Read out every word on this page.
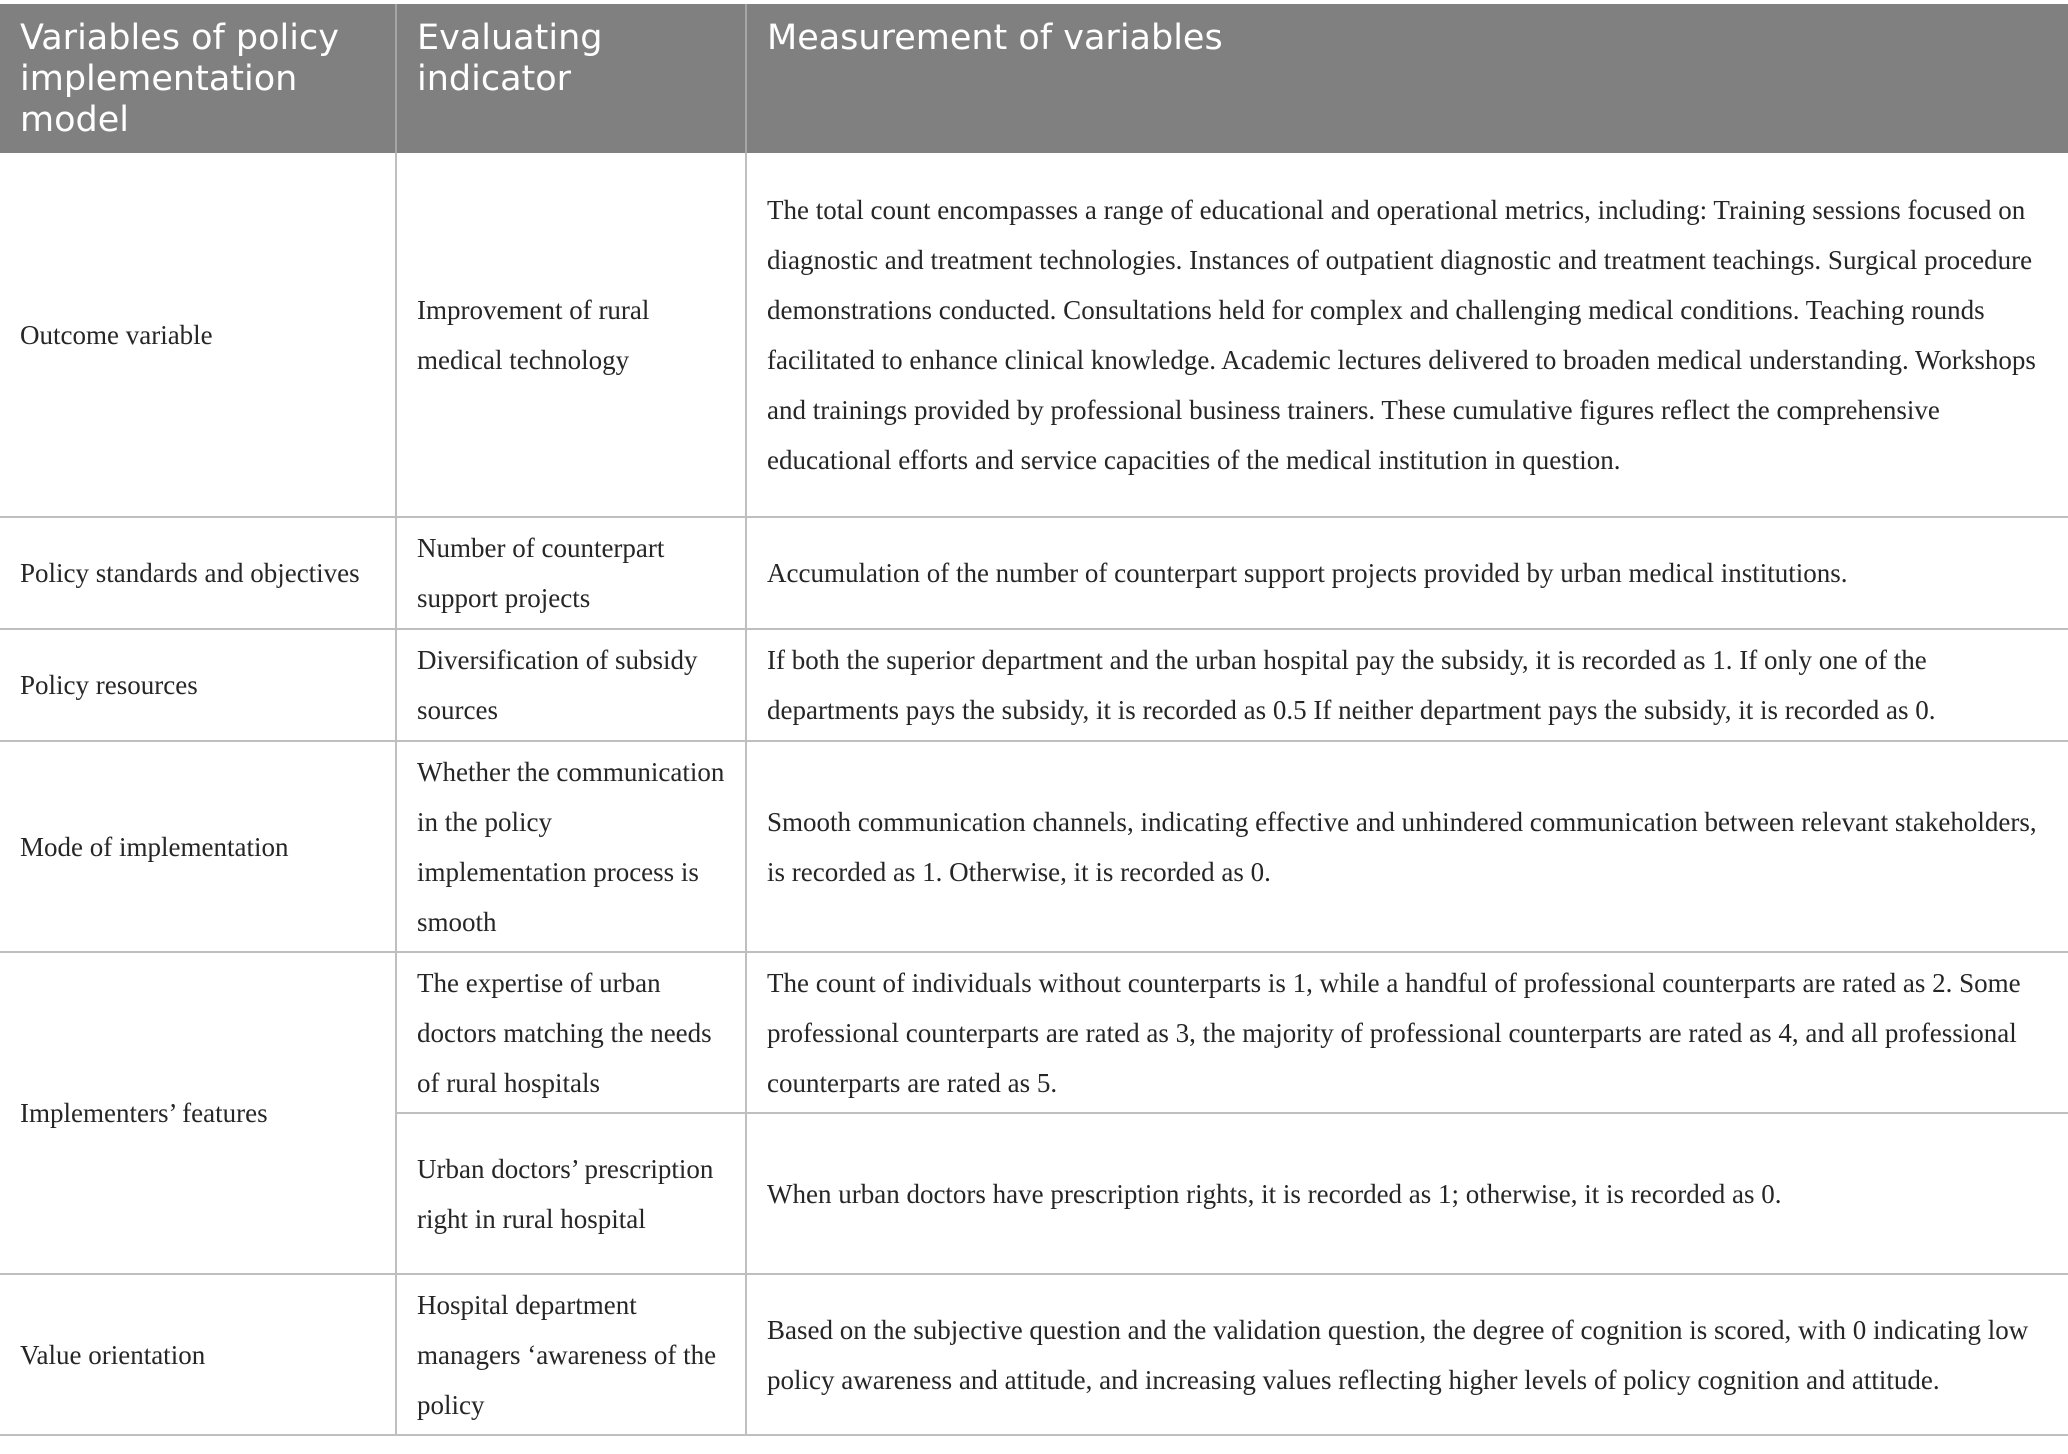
Variables of policy implementation model	Evaluating indicator	Measurement of variables
Outcome variable	Improvement of rural medical technology	The total count encompasses a range of educational and operational metrics, including: Training sessions focused on diagnostic and treatment technologies. Instances of outpatient diagnostic and treatment teachings. Surgical procedure demonstrations conducted. Consultations held for complex and challenging medical conditions. Teaching rounds facilitated to enhance clinical knowledge. Academic lectures delivered to broaden medical understanding. Workshops and trainings provided by professional business trainers. These cumulative figures reflect the comprehensive educational efforts and service capacities of the medical institution in question.
Policy standards and objectives	Number of counterpart support projects	Accumulation of the number of counterpart support projects provided by urban medical institutions.
Policy resources	Diversification of subsidy sources	If both the superior department and the urban hospital pay the subsidy, it is recorded as 1. If only one of the departments pays the subsidy, it is recorded as 0.5 If neither department pays the subsidy, it is recorded as 0.
Mode of implementation	Whether the communication in the policy implementation process is smooth	Smooth communication channels, indicating effective and unhindered communication between relevant stakeholders, is recorded as 1. Otherwise, it is recorded as 0.
Implementers’ features	The expertise of urban doctors matching the needs of rural hospitals	The count of individuals without counterparts is 1, while a handful of professional counterparts are rated as 2. Some professional counterparts are rated as 3, the majority of professional counterparts are rated as 4, and all professional counterparts are rated as 5.
	Urban doctors’ prescription right in rural hospital	When urban doctors have prescription rights, it is recorded as 1; otherwise, it is recorded as 0.
Value orientation	Hospital department managers ‘awareness of the policy	Based on the subjective question and the validation question, the degree of cognition is scored, with 0 indicating low policy awareness and attitude, and increasing values reflecting higher levels of policy cognition and attitude.
